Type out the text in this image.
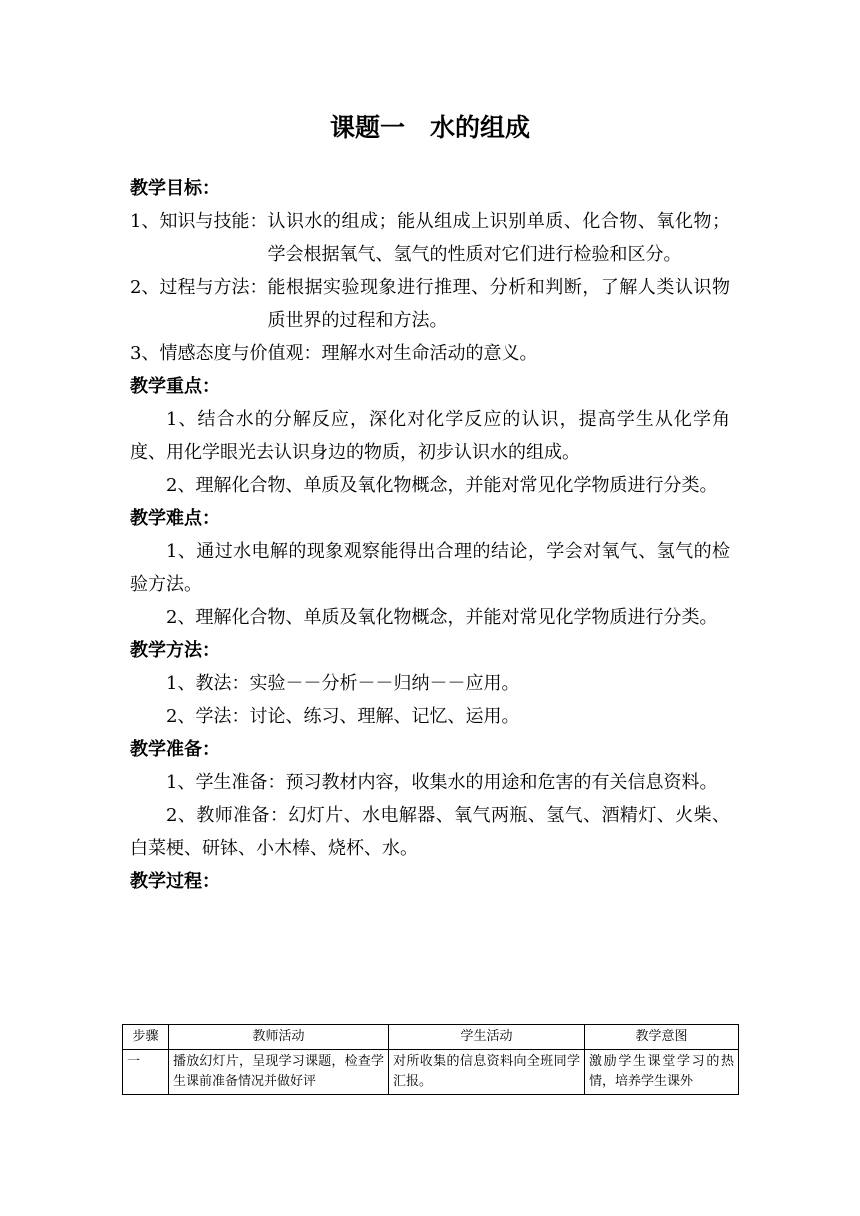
课题一　水的组成
教学目标：
1、知识与技能： 认识水的组成；能从组成上识别单质、化合物、氧化物；学会根据氧气、氢气的性质对它们进行检验和区分。
2、过程与方法： 能根据实验现象进行推理、分析和判断，了解人类认识物质世界的过程和方法。
3、情感态度与价值观：理解水对生命活动的意义。
教学重点：
1、结合水的分解反应，深化对化学反应的认识，提高学生从化学角度、用化学眼光去认识身边的物质，初步认识水的组成。
2、理解化合物、单质及氧化物概念，并能对常见化学物质进行分类。
教学难点：
1、通过水电解的现象观察能得出合理的结论，学会对氧气、氢气的检验方法。
2、理解化合物、单质及氧化物概念，并能对常见化学物质进行分类。
教学方法：
1、教法：实验－－分析－－归纳－－应用。
2、学法：讨论、练习、理解、记忆、运用。
教学准备：
1、学生准备：预习教材内容，收集水的用途和危害的有关信息资料。
2、教师准备：幻灯片、水电解器、氧气两瓶、氢气、酒精灯、火柴、白菜梗、研钵、小木棒、烧杯、水。
教学过程：
步骤	教师活动	学生活动	教学意图
一	播放幻灯片，呈现学习课题，检查学生课前准备情况并做好评	对所收集的信息资料向全班同学汇报。	激励学生课堂学习的热情，培养学生课外
